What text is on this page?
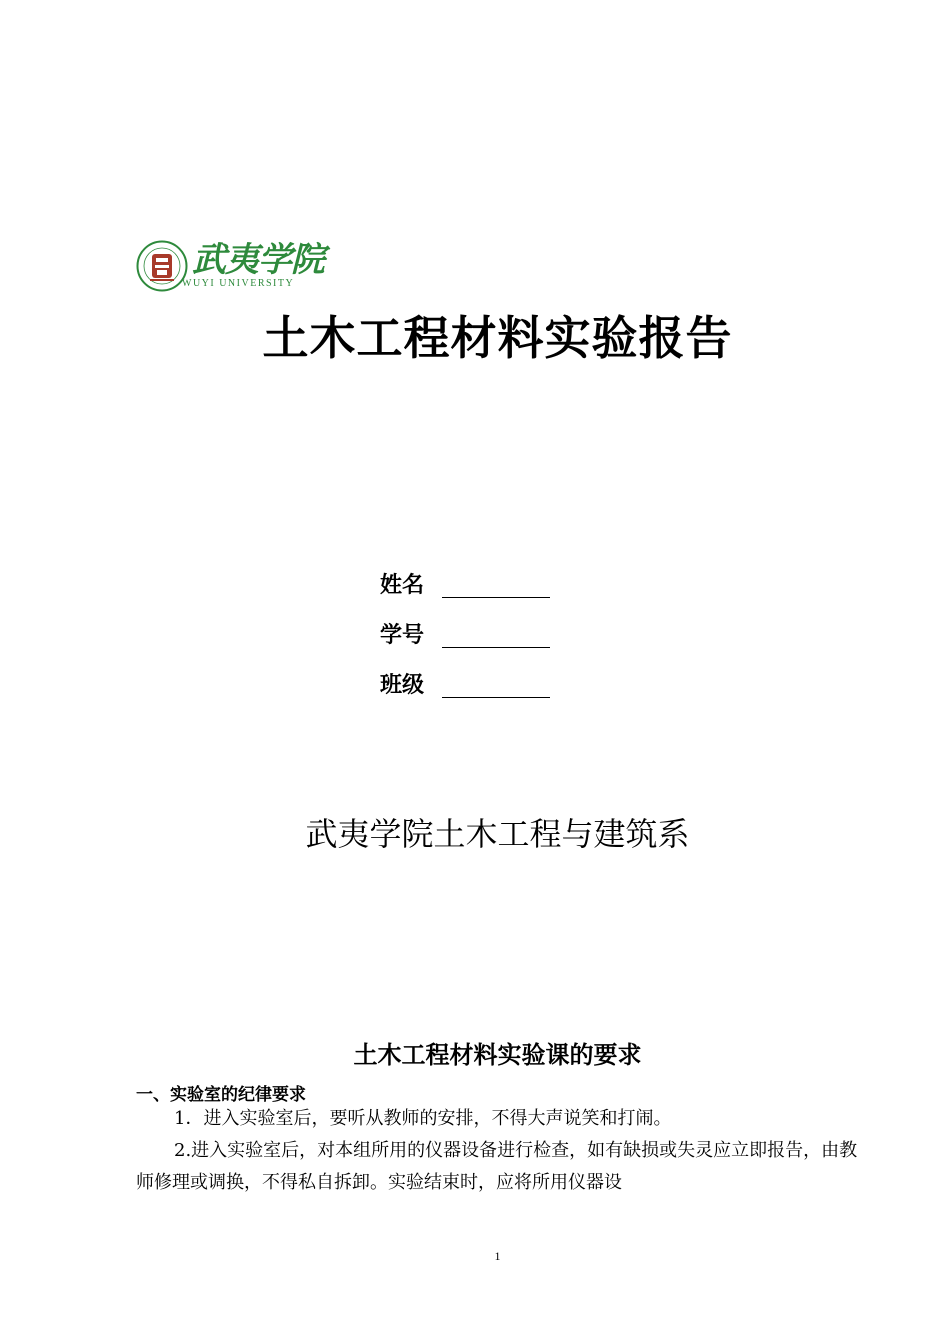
武夷学院
WUYI UNIVERSITY
土木工程材料实验报告
姓名
学号
班级
武夷学院土木工程与建筑系
土木工程材料实验课的要求
一、实验室的纪律要求
1．进入实验室后，要听从教师的安排，不得大声说笑和打闹。
2.进入实验室后，对本组所用的仪器设备进行检查，如有缺损或失灵应立即报告，由教师修理或调换，不得私自拆卸。实验结束时，应将所用仪器设
1
